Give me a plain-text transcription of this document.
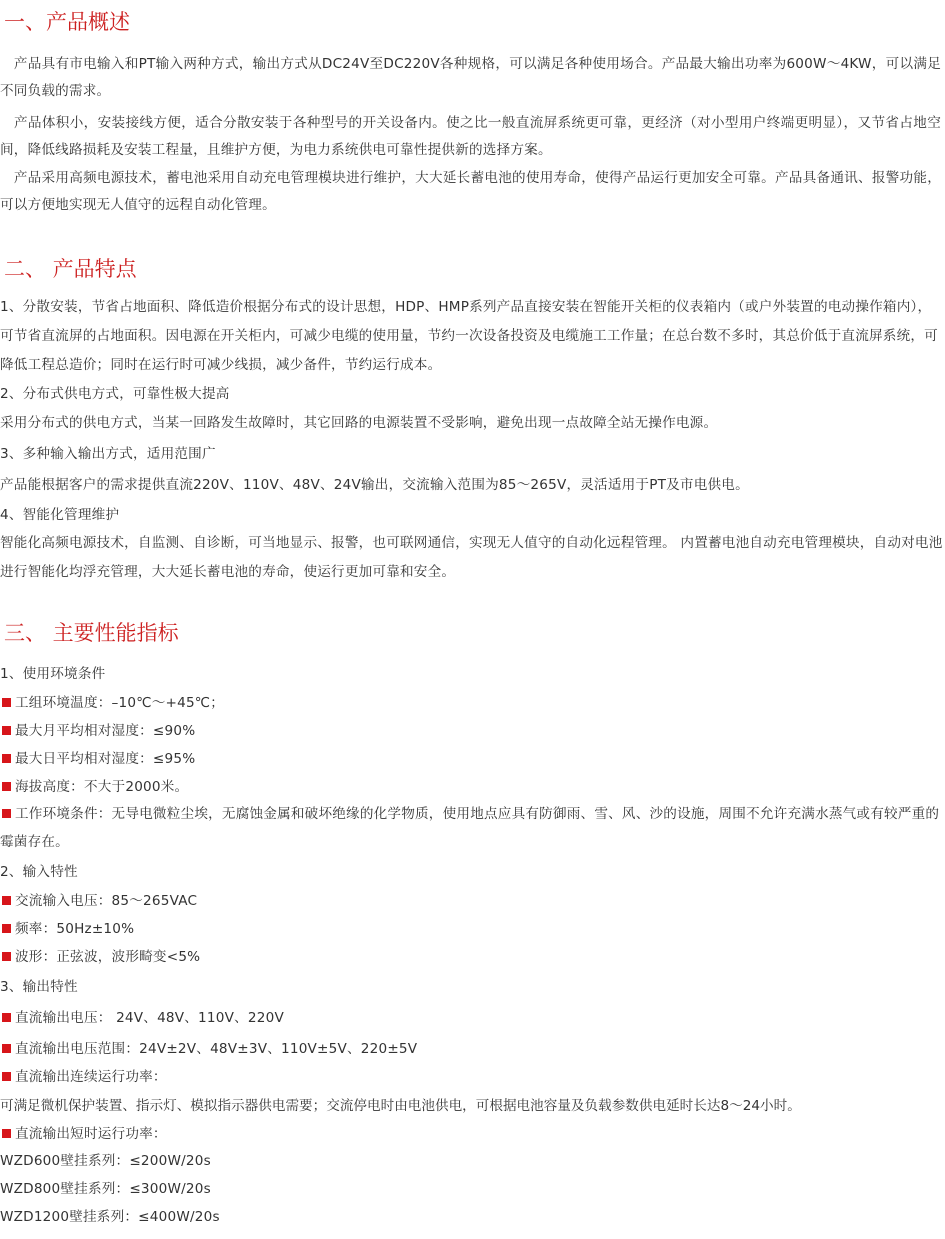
一、产品概述

　产品具有市电输入和PT输入两种方式，输出方式从DC24V至DC220V各种规格，可以满足各种使用场合。产品最大输出功率为600W～4KW，可以满足不同负载的需求。

　产品体积小，安装接线方便，适合分散安装于各种型号的开关设备内。使之比一般直流屏系统更可靠，更经济（对小型用户终端更明显），又节省占地空间，降低线路损耗及安装工程量，且维护方便，为电力系统供电可靠性提供新的选择方案。

　产品采用高频电源技术，蓄电池采用自动充电管理模块进行维护，大大延长蓄电池的使用寿命，使得产品运行更加安全可靠。产品具备通讯、报警功能，可以方便地实现无人值守的远程自动化管理。

二、 产品特点

1、分散安装，节省占地面积、降低造价根据分布式的设计思想，HDP、HMP系列产品直接安装在智能开关柜的仪表箱内（或户外装置的电动操作箱内），可节省直流屏的占地面积。因电源在开关柜内，可减少电缆的使用量，节约一次设备投资及电缆施工工作量；在总台数不多时，其总价低于直流屏系统，可降低工程总造价；同时在运行时可减少线损，减少备件，节约运行成本。

2、分布式供电方式，可靠性极大提高
采用分布式的供电方式，当某一回路发生故障时，其它回路的电源装置不受影响，避免出现一点故障全站无操作电源。
3、多种输入输出方式，适用范围广
产品能根据客户的需求提供直流220V、110V、48V、24V输出，交流输入范围为85～265V，灵活适用于PT及市电供电。
4、智能化管理维护

智能化高频电源技术，自监测、自诊断，可当地显示、报警，也可联网通信，实现无人值守的自动化远程管理。 内置蓄电池自动充电管理模块，自动对电池进行智能化均浮充管理，大大延长蓄电池的寿命，使运行更加可靠和安全。

三、 主要性能指标
1、使用环境条件
工组环境温度：–10℃～+45℃；
最大月平均相对湿度：≤90%
最大日平均相对湿度：≤95%
海拔高度：不大于2000米。
工作环境条件：无导电微粒尘埃，无腐蚀金属和破坏绝缘的化学物质，使用地点应具有防御雨、雪、风、沙的设施，周围不允许充满水蒸气或有较严重的霉菌存在。
2、输入特性
交流输入电压：85～265VAC
频率：50Hz±10%
波形：正弦波，波形畸变<5%
3、输出特性
直流输出电压： 24V、48V、110V、220V
直流输出电压范围：24V±2V、48V±3V、110V±5V、220±5V
直流输出连续运行功率：
可满足微机保护装置、指示灯、模拟指示器供电需要；交流停电时由电池供电，可根据电池容量及负载参数供电延时长达8～24小时。
直流输出短时运行功率：
WZD600壁挂系列：≤200W/20s
WZD800壁挂系列：≤300W/20s
WZD1200壁挂系列：≤400W/20s
